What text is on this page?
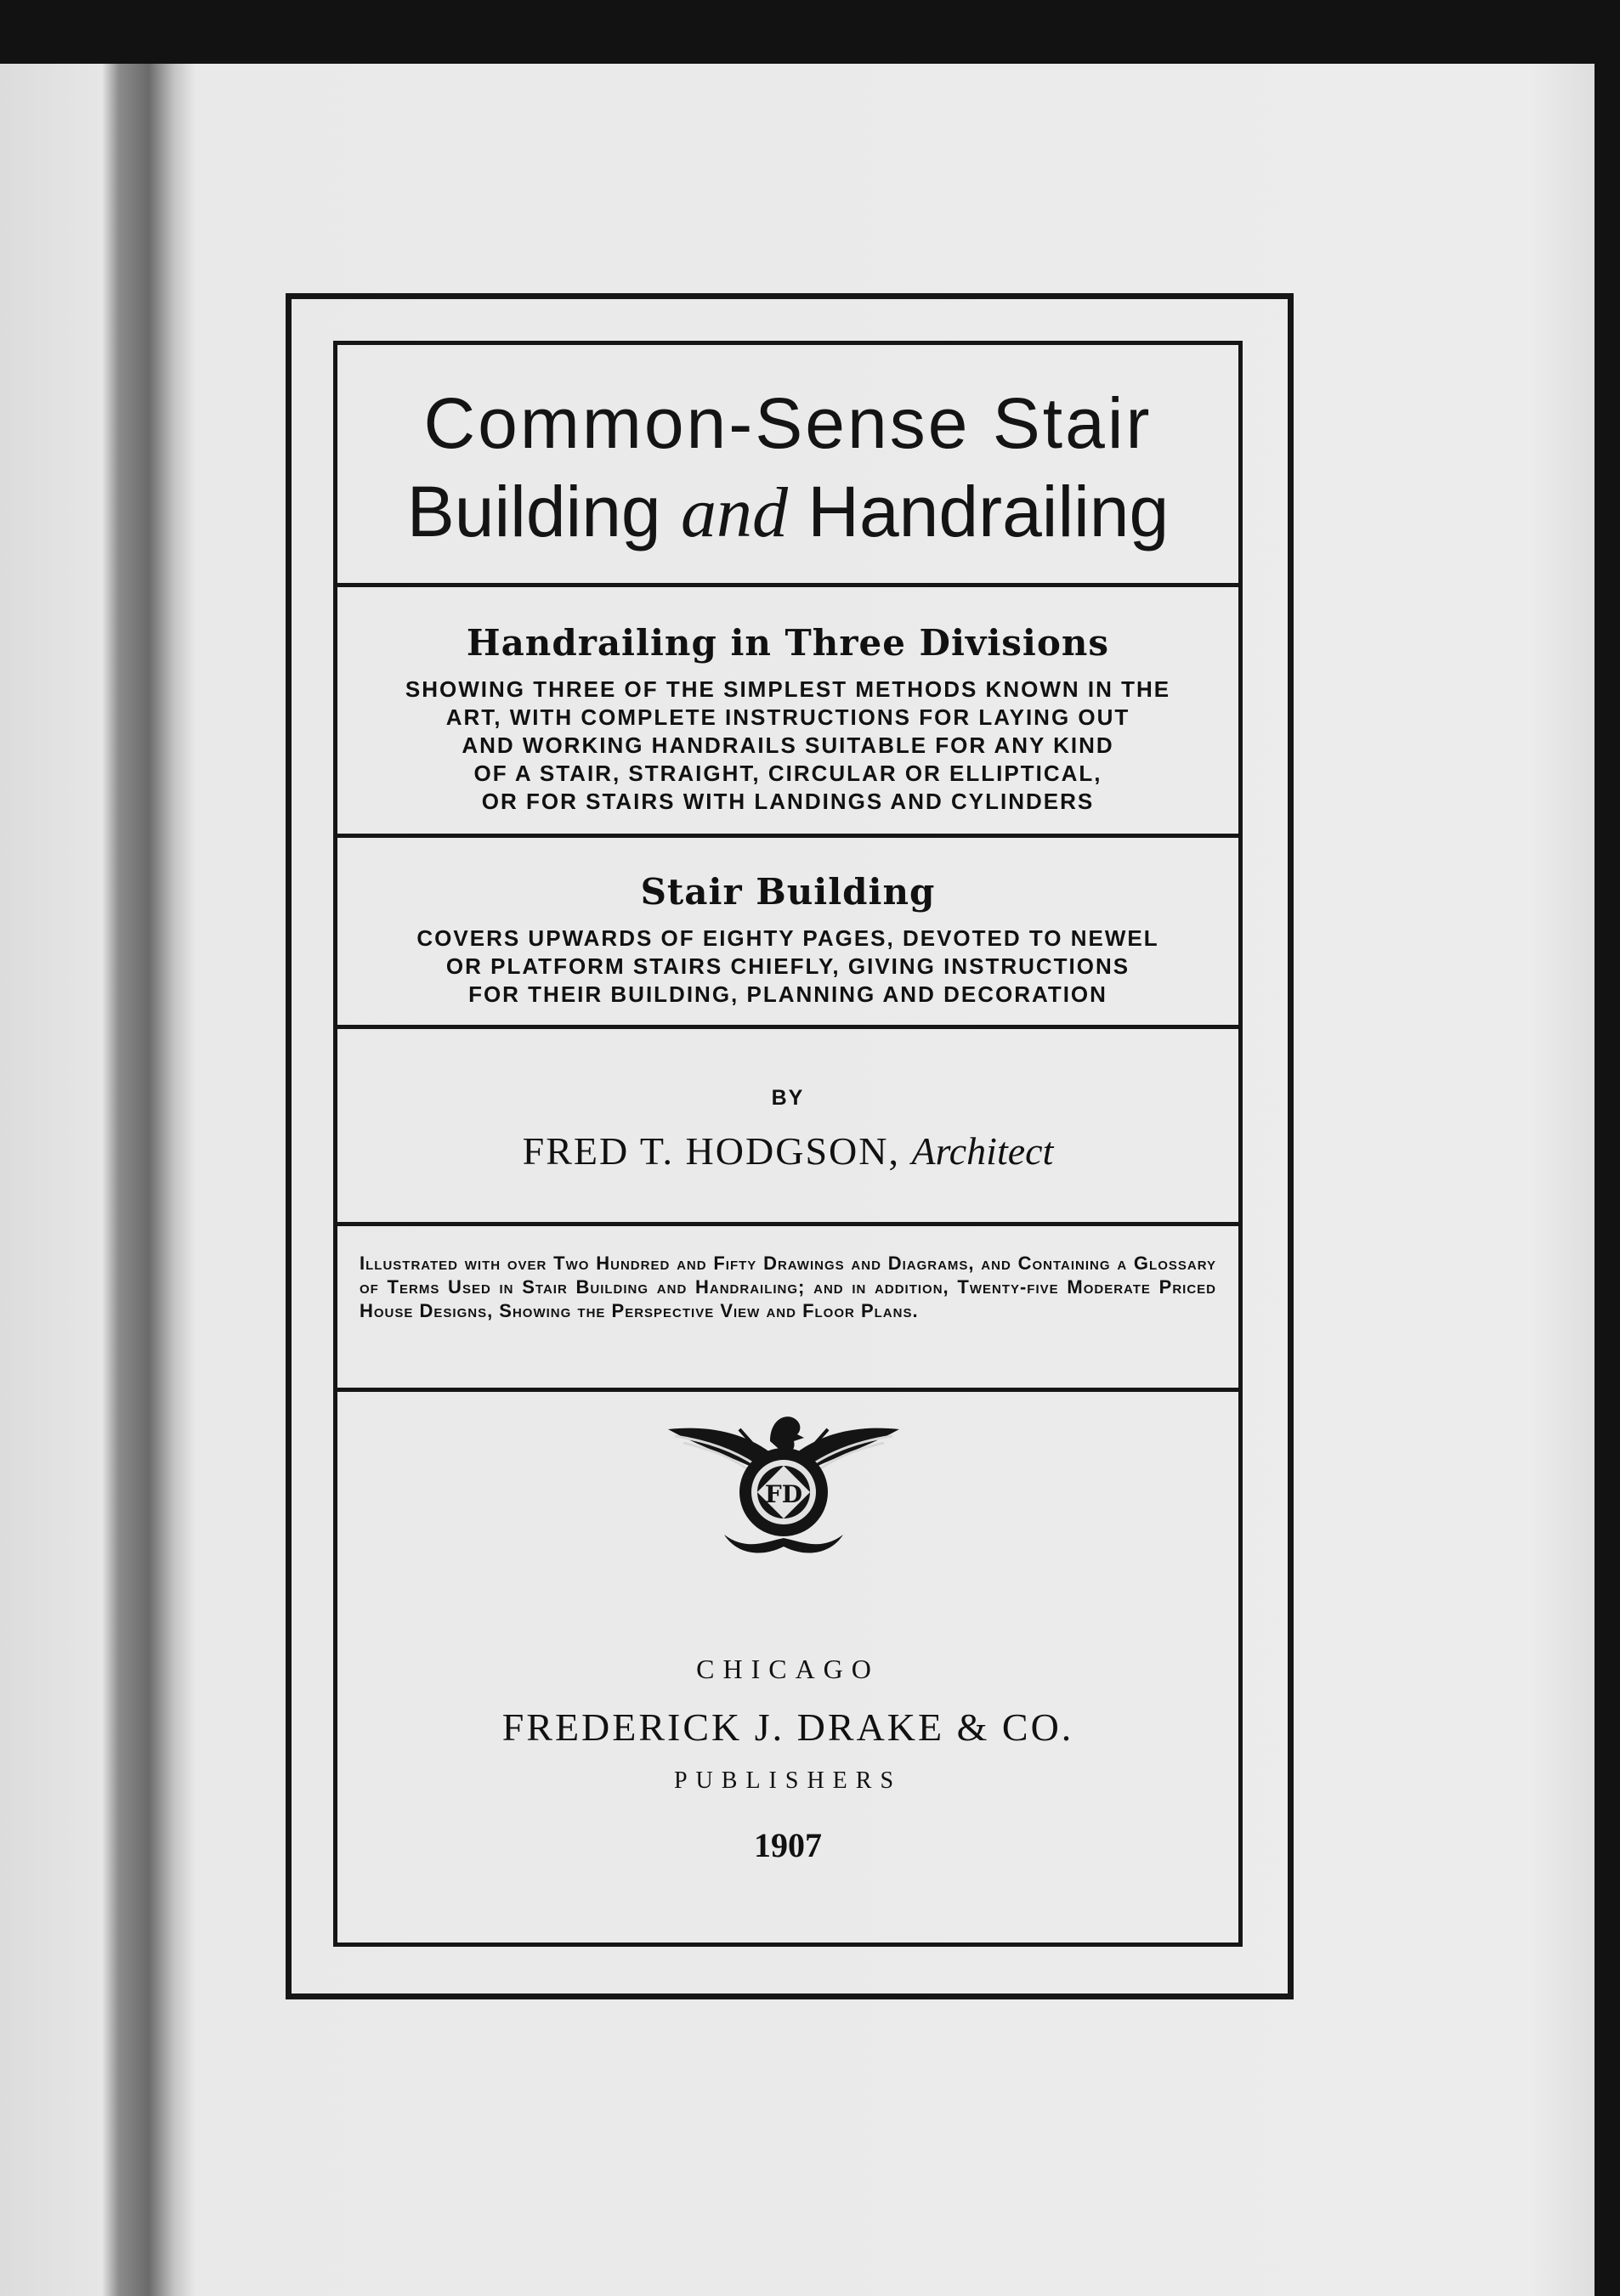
Common-Sense Stair
Building and Handrailing
Handrailing in Three Divisions
SHOWING THREE OF THE SIMPLEST METHODS KNOWN IN THE
ART, WITH COMPLETE INSTRUCTIONS FOR LAYING OUT
AND WORKING HANDRAILS SUITABLE FOR ANY KIND
OF A STAIR, STRAIGHT, CIRCULAR OR ELLIPTICAL,
OR FOR STAIRS WITH LANDINGS AND CYLINDERS
Stair Building
COVERS UPWARDS OF EIGHTY PAGES, DEVOTED TO NEWEL
OR PLATFORM STAIRS CHIEFLY, GIVING INSTRUCTIONS
FOR THEIR BUILDING, PLANNING AND DECORATION
BY
FRED T. HODGSON, Architect
Illustrated with over Two Hundred and Fifty Drawings and Diagrams, and Containing a Glossary of Terms Used in Stair Building and Handrailing; and in addition, Twenty-five Moderate Priced House Designs, Showing the Perspective View and Floor Plans.
FD
CHICAGO
FREDERICK J. DRAKE & CO.
PUBLISHERS
1907
